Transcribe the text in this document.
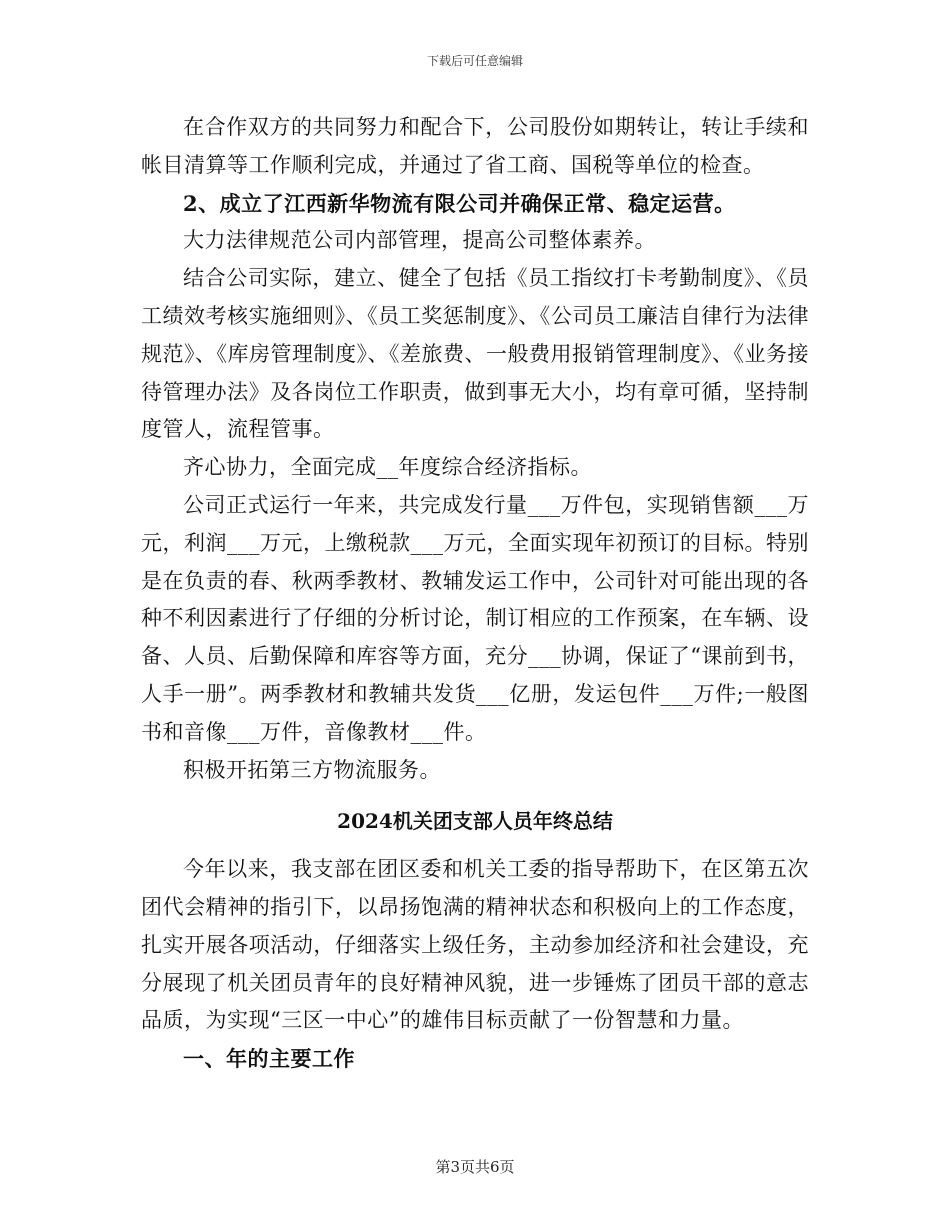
下载后可任意编辑

在合作双方的共同努力和配合下，公司股份如期转让，转让手续和帐目清算等工作顺利完成，并通过了省工商、国税等单位的检查。

2、成立了江西新华物流有限公司并确保正常、稳定运营。

大力法律规范公司内部管理，提高公司整体素养。

结合公司实际，建立、健全了包括《员工指纹打卡考勤制度》、《员工绩效考核实施细则》、《员工奖惩制度》、《公司员工廉洁自律行为法律规范》、《库房管理制度》、《差旅费、一般费用报销管理制度》、《业务接待管理办法》及各岗位工作职责，做到事无大小，均有章可循，坚持制度管人，流程管事。

齐心协力，全面完成__年度综合经济指标。

公司正式运行一年来，共完成发行量___万件包，实现销售额___万元，利润___万元，上缴税款___万元，全面实现年初预订的目标。特别是在负责的春、秋两季教材、教辅发运工作中，公司针对可能出现的各种不利因素进行了仔细的分析讨论，制订相应的工作预案，在车辆、设备、人员、后勤保障和库容等方面，充分___协调，保证了“课前到书，人手一册”。两季教材和教辅共发货___亿册，发运包件___万件;一般图书和音像___万件，音像教材___件。

积极开拓第三方物流服务。

2024机关团支部人员年终总结

今年以来，我支部在团区委和机关工委的指导帮助下，在区第五次团代会精神的指引下，以昂扬饱满的精神状态和积极向上的工作态度，扎实开展各项活动，仔细落实上级任务，主动参加经济和社会建设，充分展现了机关团员青年的良好精神风貌，进一步锤炼了团员干部的意志品质，为实现“三区一中心”的雄伟目标贡献了一份智慧和力量。

一、年的主要工作

第3页共6页
